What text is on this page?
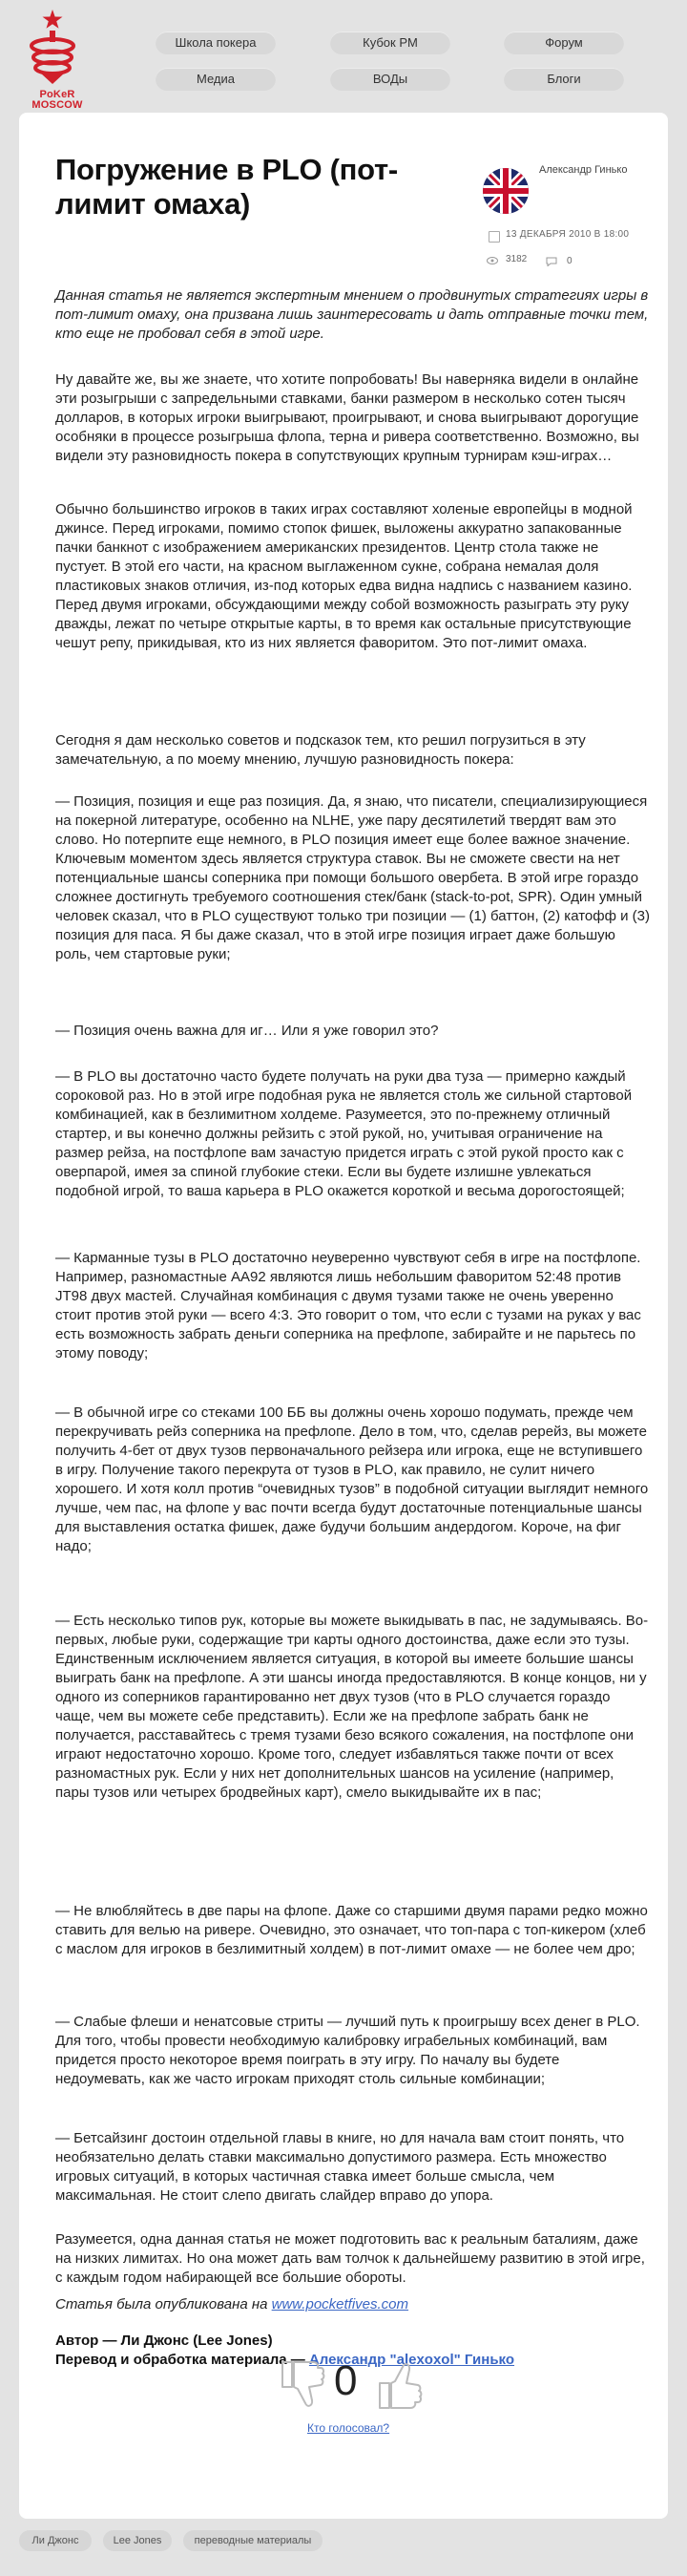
PoKeR
MOSCOW
Школа покера	Кубок PM	Форум
Медиа	ВОДы	Блоги
Погружение в PLO (пот-лимит омаха)
Александр Гинько
13 ДЕКАБРЯ 2010 В 18:00
3182	0

Данная статья не является экспертным мнением о продвинутых стратегиях игры в пот-лимит омаху, она призвана лишь заинтересовать и дать отправные точки тем, кто еще не пробовал себя в этой игре.

Ну давайте же, вы же знаете, что хотите попробовать! Вы наверняка видели в онлайне эти розыгрыши с запредельными ставками, банки размером в несколько сотен тысяч долларов, в которых игроки выигрывают, проигрывают, и снова выигрывают дорогущие особняки в процессе розыгрыша флопа, терна и ривера соответственно. Возможно, вы видели эту разновидность покера в сопутствующих крупным турнирам кэш-играх…

Обычно большинство игроков в таких играх составляют холеные европейцы в модной джинсе. Перед игроками, помимо стопок фишек, выложены аккуратно запакованные пачки банкнот с изображением американских президентов. Центр стола также не пустует. В этой его части, на красном выглаженном сукне, собрана немалая доля пластиковых знаков отличия, из-под которых едва видна надпись с названием казино. Перед двумя игроками, обсуждающими между собой возможность разыграть эту руку дважды, лежат по четыре открытые карты, в то время как остальные присутствующие чешут репу, прикидывая, кто из них является фаворитом. Это пот-лимит омаха.

Сегодня я дам несколько советов и подсказок тем, кто решил погрузиться в эту замечательную, а по моему мнению, лучшую разновидность покера:

— Позиция, позиция и еще раз позиция. Да, я знаю, что писатели, специализирующиеся на покерной литературе, особенно на NLHE, уже пару десятилетий твердят вам это слово. Но потерпите еще немного, в PLO позиция имеет еще более важное значение. Ключевым моментом здесь является структура ставок. Вы не сможете свести на нет потенциальные шансы соперника при помощи большого овербета. В этой игре гораздо сложнее достигнуть требуемого соотношения стек/банк (stack-to-pot, SPR). Один умный человек сказал, что в PLO существуют только три позиции — (1) баттон, (2) катофф и (3) позиция для паса. Я бы даже сказал, что в этой игре позиция играет даже большую роль, чем стартовые руки;

— Позиция очень важна для иг… Или я уже говорил это?

— В PLO вы достаточно часто будете получать на руки два туза — примерно каждый сороковой раз. Но в этой игре подобная рука не является столь же сильной стартовой комбинацией, как в безлимитном холдеме. Разумеется, это по-прежнему отличный стартер, и вы конечно должны рейзить с этой рукой, но, учитывая ограничение на размер рейза, на постфлопе вам зачастую придется играть с этой рукой просто как с оверпарой, имея за спиной глубокие стеки. Если вы будете излишне увлекаться подобной игрой, то ваша карьера в PLO окажется короткой и весьма дорогостоящей;

— Карманные тузы в PLO достаточно неуверенно чувствуют себя в игре на постфлопе. Например, разномастные AA92 являются лишь небольшим фаворитом 52:48 против JT98 двух мастей. Случайная комбинация с двумя тузами также не очень уверенно стоит против этой руки — всего 4:3. Это говорит о том, что если с тузами на руках у вас есть возможность забрать деньги соперника на префлопе, забирайте и не парьтесь по этому поводу;

— В обычной игре со стеками 100 ББ вы должны очень хорошо подумать, прежде чем перекручивать рейз соперника на префлопе. Дело в том, что, сделав ререйз, вы можете получить 4-бет от двух тузов первоначального рейзера или игрока, еще не вступившего в игру. Получение такого перекрута от тузов в PLO, как правило, не сулит ничего хорошего. И хотя колл против “очевидных тузов” в подобной ситуации выглядит немного лучше, чем пас, на флопе у вас почти всегда будут достаточные потенциальные шансы для выставления остатка фишек, даже будучи большим андердогом. Короче, на фиг надо;

— Есть несколько типов рук, которые вы можете выкидывать в пас, не задумываясь. Во-первых, любые руки, содержащие три карты одного достоинства, даже если это тузы. Единственным исключением является ситуация, в которой вы имеете большие шансы выиграть банк на префлопе. А эти шансы иногда предоставляются. В конце концов, ни у одного из соперников гарантированно нет двух тузов (что в PLO случается гораздо чаще, чем вы можете себе представить). Если же на префлопе забрать банк не получается, расставайтесь с тремя тузами безо всякого сожаления, на постфлопе они играют недостаточно хорошо. Кроме того, следует избавляться также почти от всех разномастных рук. Если у них нет дополнительных шансов на усиление (например, пары тузов или четырех бродвейных карт), смело выкидывайте их в пас;

— Не влюбляйтесь в две пары на флопе. Даже со старшими двумя парами редко можно ставить для велью на ривере. Очевидно, это означает, что топ-пара с топ-кикером (хлеб с маслом для игроков в безлимитный холдем) в пот-лимит омахе — не более чем дро;

— Слабые флеши и ненатсовые стриты — лучший путь к проигрышу всех денег в PLO. Для того, чтобы провести необходимую калибровку играбельных комбинаций, вам придется просто некоторое время поиграть в эту игру. По началу вы будете недоумевать, как же часто игрокам приходят столь сильные комбинации;

— Бетсайзинг достоин отдельной главы в книге, но для начала вам стоит понять, что необязательно делать ставки максимально допустимого размера. Есть множество игровых ситуаций, в которых частичная ставка имеет больше смысла, чем максимальная. Не стоит слепо двигать слайдер вправо до упора.

Разумеется, одна данная статья не может подготовить вас к реальным баталиям, даже на низких лимитах. Но она может дать вам толчок к дальнейшему развитию в этой игре, с каждым годом набирающей все большие обороты.

Статья была опубликована на www.pocketfives.com

Автор — Ли Джонс (Lee Jones)
Перевод и обработка материала — Александр "alexoxol" Гинько
0
Кто голосовал?
Ли Джонс	Lee Jones	переводные материалы
